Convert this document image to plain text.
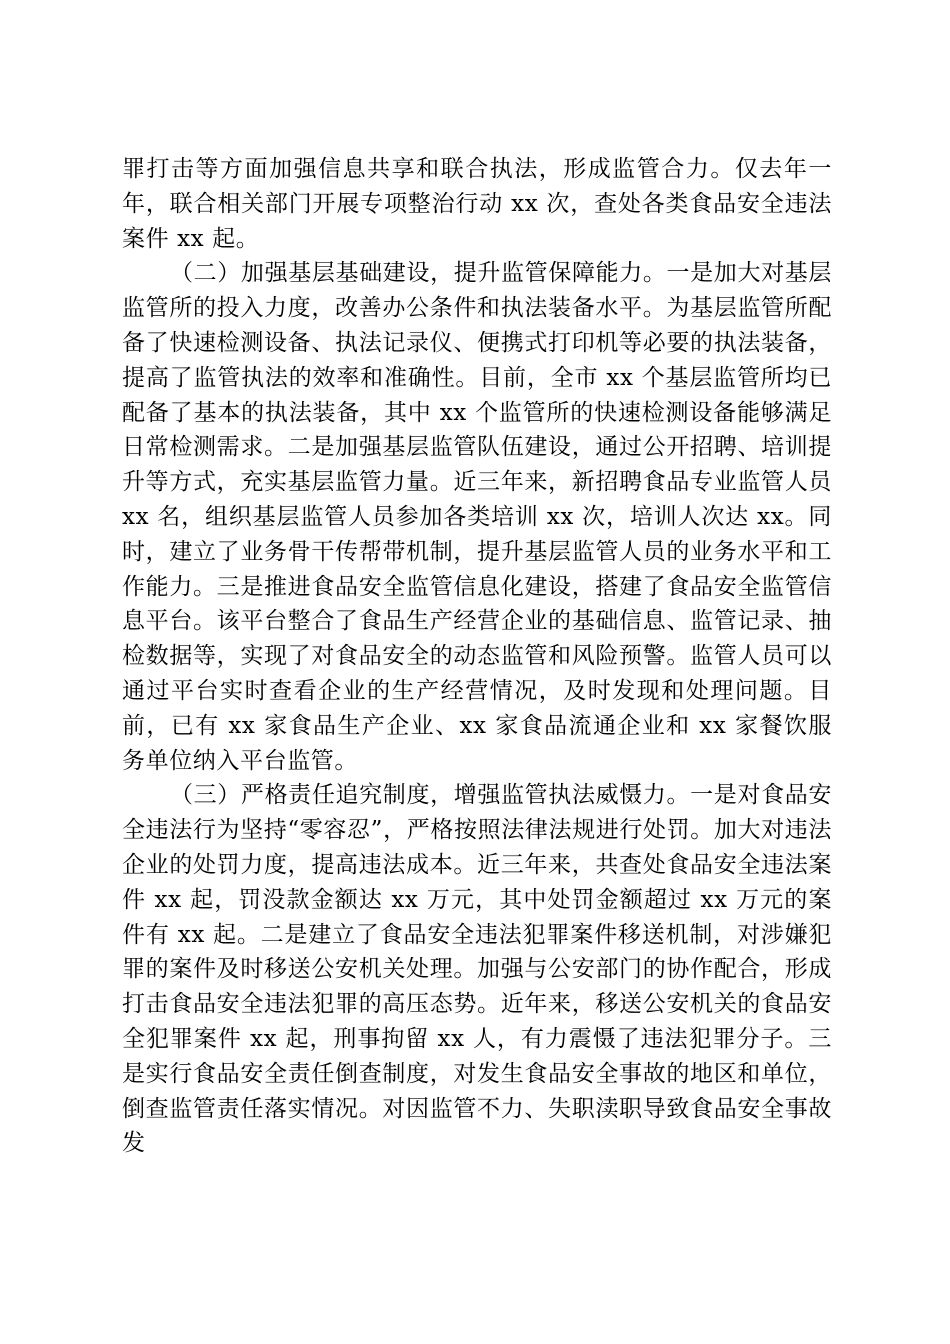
罪打击等方面加强信息共享和联合执法，形成监管合力。仅去年一年，联合相关部门开展专项整治行动 xx 次，查处各类食品安全违法案件 xx 起。

（二）加强基层基础建设，提升监管保障能力。一是加大对基层监管所的投入力度，改善办公条件和执法装备水平。为基层监管所配备了快速检测设备、执法记录仪、便携式打印机等必要的执法装备，提高了监管执法的效率和准确性。目前，全市 xx 个基层监管所均已配备了基本的执法装备，其中 xx 个监管所的快速检测设备能够满足日常检测需求。二是加强基层监管队伍建设，通过公开招聘、培训提升等方式，充实基层监管力量。近三年来，新招聘食品专业监管人员 xx 名，组织基层监管人员参加各类培训 xx 次，培训人次达 xx。同时，建立了业务骨干传帮带机制，提升基层监管人员的业务水平和工作能力。三是推进食品安全监管信息化建设，搭建了食品安全监管信息平台。该平台整合了食品生产经营企业的基础信息、监管记录、抽检数据等，实现了对食品安全的动态监管和风险预警。监管人员可以通过平台实时查看企业的生产经营情况，及时发现和处理问题。目前，已有 xx 家食品生产企业、xx 家食品流通企业和 xx 家餐饮服务单位纳入平台监管。

（三）严格责任追究制度，增强监管执法威慑力。一是对食品安全违法行为坚持“零容忍”，严格按照法律法规进行处罚。加大对违法企业的处罚力度，提高违法成本。近三年来，共查处食品安全违法案件 xx 起，罚没款金额达 xx 万元，其中处罚金额超过 xx 万元的案件有 xx 起。二是建立了食品安全违法犯罪案件移送机制，对涉嫌犯罪的案件及时移送公安机关处理。加强与公安部门的协作配合，形成打击食品安全违法犯罪的高压态势。近年来，移送公安机关的食品安全犯罪案件 xx 起，刑事拘留 xx 人，有力震慑了违法犯罪分子。三是实行食品安全责任倒查制度，对发生食品安全事故的地区和单位，倒查监管责任落实情况。对因监管不力、失职渎职导致食品安全事故发
